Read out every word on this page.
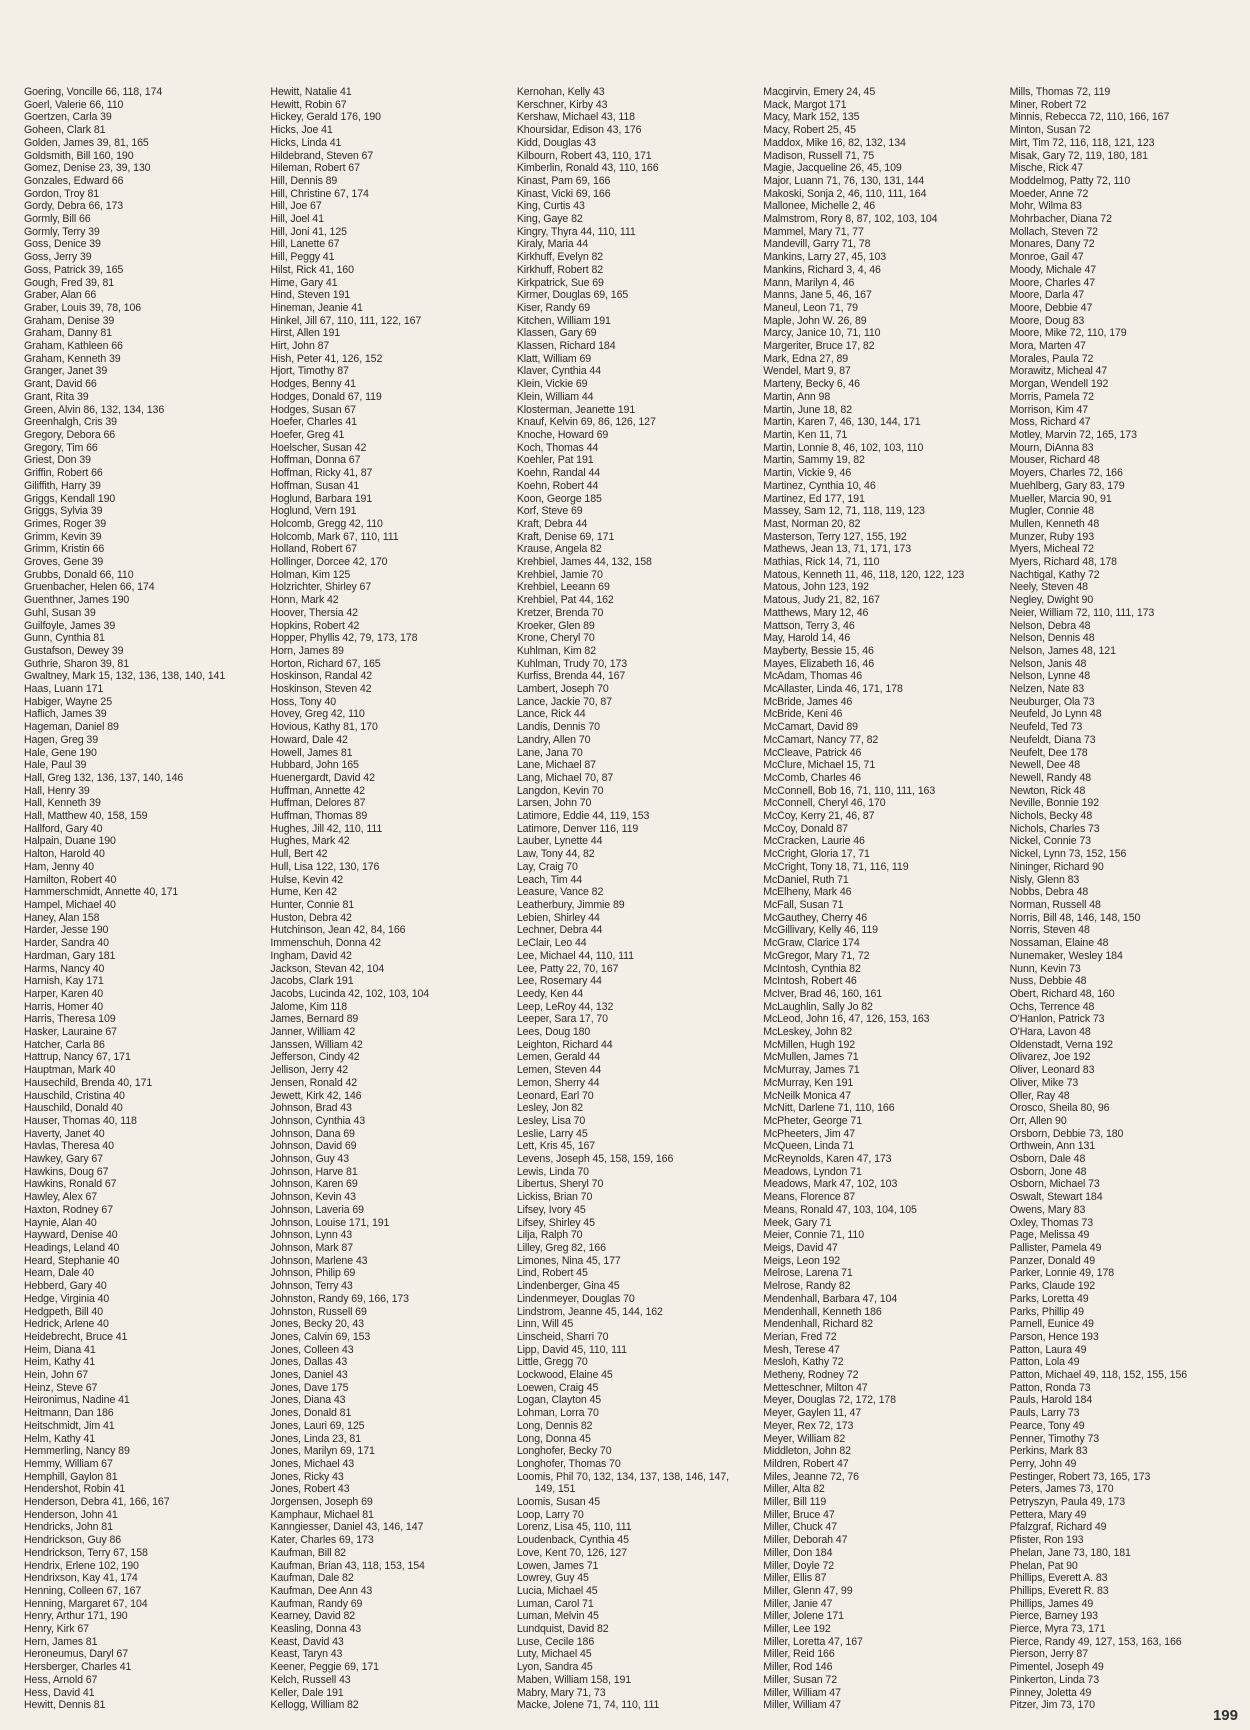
Goering, Voncille 66, 118, 174
Goerl, Valerie 66, 110
Goertzen, Carla 39
Goheen, Clark 81
Golden, James 39, 81, 165
Goldsmith, Bill 160, 190
Gomez, Denise 23, 39, 130
Gonzales, Edward 66
Gordon, Troy 81
Gordy, Debra 66, 173
Gormly, Bill 66
Gormly, Terry 39
Goss, Denice 39
Goss, Jerry 39
Goss, Patrick 39, 165
Gough, Fred 39, 81
Graber, Alan 66
Graber, Louis 39, 78, 106
Graham, Denise 39
Graham, Danny 81
Graham, Kathleen 66
Graham, Kenneth 39
Granger, Janet 39
Grant, David 66
Grant, Rita 39
Green, Alvin 86, 132, 134, 136
Greenhalgh, Cris 39
Gregory, Debora 66
Gregory, Tim 66
Griest, Don 39
Griffin, Robert 66
Giliffith, Harry 39
Griggs, Kendall 190
Griggs, Sylvia 39
Grimes, Roger 39
Grimm, Kevin 39
Grimm, Kristin 66
Groves, Gene 39
Grubbs, Donald 66, 110
Gruenbacher, Helen 66, 174
Guenthner, James 190
Guhl, Susan 39
Guilfoyle, James 39
Gunn, Cynthia 81
Gustafson, Dewey 39
Guthrie, Sharon 39, 81
Gwaltney, Mark 15, 132, 136, 138, 140, 141
Haas, Luann 171
Habiger, Wayne 25
Haflich, James 39
Hageman, Daniel 89
Hagen, Greg 39
Hale, Gene 190
Hale, Paul 39
Hall, Greg 132, 136, 137, 140, 146
Hall, Henry 39
Hall, Kenneth 39
Hall, Matthew 40, 158, 159
Hallford, Gary 40
Halpain, Duane 190
Halton, Harold 40
Ham, Jenny 40
Hamilton, Robert 40
Hammerschmidt, Annette 40, 171
Hampel, Michael 40
Haney, Alan 158
Harder, Jesse 190
Harder, Sandra 40
Hardman, Gary 181
Harms, Nancy 40
Harnish, Kay 171
Harper, Karen 40
Harris, Homer 40
Harris, Theresa 109
Hasker, Lauraine 67
Hatcher, Carla 86
Hattrup, Nancy 67, 171
Hauptman, Mark 40
Hausechild, Brenda 40, 171
Hauschild, Cristina 40
Hauschild, Donald 40
Hauser, Thomas 40, 118
Haverty, Janet 40
Havlas, Theresa 40
Hawkey, Gary 67
Hawkins, Doug 67
Hawkins, Ronald 67
Hawley, Alex 67
Haxton, Rodney 67
Haynie, Alan 40
Hayward, Denise 40
Headings, Leland 40
Heard, Stephanie 40
Hearn, Dale 40
Hebberd, Gary 40
Hedge, Virginia 40
Hedgpeth, Bill 40
Hedrick, Arlene 40
Heidebrecht, Bruce 41
Heim, Diana 41
Heim, Kathy 41
Hein, John 67
Heinz, Steve 67
Heironimus, Nadine 41
Heitmann, Dan 186
Heitschmidt, Jim 41
Helm, Kathy 41
Hemmerling, Nancy 89
Hemmy, William 67
Hemphill, Gaylon 81
Hendershot, Robin 41
Henderson, Debra 41, 166, 167
Henderson, John 41
Hendricks, John 81
Hendrickson, Guy 86
Hendrickson, Terry 67, 158
Hendrix, Erlene 102, 190
Hendrixson, Kay 41, 174
Henning, Colleen 67, 167
Henning, Margaret 67, 104
Henry, Arthur 171, 190
Henry, Kirk 67
Hern, James 81
Heroneumus, Daryl 67
Hersberger, Charles 41
Hess, Arnold 67
Hess, David 41
Hewitt, Dennis 81
Hewitt, Natalie 41
Hewitt, Robin 67
Hickey, Gerald 176, 190
Hicks, Joe 41
Hicks, Linda 41
Hildebrand, Steven 67
Hileman, Robert 67
Hill, Dennis 89
Hill, Christine 67, 174
Hill, Joe 67
Hill, Joel 41
Hill, Joni 41, 125
Hill, Lanette 67
Hill, Peggy 41
Hilst, Rick 41, 160
Hime, Gary 41
Hind, Steven 191
Hineman, Jeanie 41
Hinkel, Jill 67, 110, 111, 122, 167
Hirst, Allen 191
Hirt, John 87
Hish, Peter 41, 126, 152
Hjort, Timothy 87
Hodges, Benny 41
Hodges, Donald 67, 119
Hodges, Susan 67
Hoefer, Charles 41
Hoefer, Greg 41
Hoelscher, Susan 42
Hoffman, Donna 67
Hoffman, Ricky 41, 87
Hoffman, Susan 41
Hoglund, Barbara 191
Hoglund, Vern 191
Holcomb, Gregg 42, 110
Holcomb, Mark 67, 110, 111
Holland, Robert 67
Hollinger, Dorcee 42, 170
Holman, Kim 125
Holzrichter, Shirley 67
Honn, Mark 42
Hoover, Thersia 42
Hopkins, Robert 42
Hopper, Phyllis 42, 79, 173, 178
Horn, James 89
Horton, Richard 67, 165
Hoskinson, Randal 42
Hoskinson, Steven 42
Hoss, Tony 40
Hovey, Greg 42, 110
Hovious, Kathy 81, 170
Howard, Dale 42
Howell, James 81
Hubbard, John 165
Huenergardt, David 42
Huffman, Annette 42
Huffman, Delores 87
Huffman, Thomas 89
Hughes, Jill 42, 110, 111
Hughes, Mark 42
Hull, Bert 42
Hull, Lisa 122, 130, 176
Hulse, Kevin 42
Hume, Ken 42
Hunter, Connie 81
Huston, Debra 42
Hutchinson, Jean 42, 84, 166
Immenschuh, Donna 42
Ingham, David 42
Jackson, Stevan 42, 104
Jacobs, Clark 191
Jacobs, Lucinda 42, 102, 103, 104
Jalome, Kim 118
James, Bernard 89
Janner, William 42
Janssen, William 42
Jefferson, Cindy 42
Jellison, Jerry 42
Jensen, Ronald 42
Jewett, Kirk 42, 146
Johnson, Brad 43
Johnson, Cynthia 43
Johnson, Dana 69
Johnson, David 69
Johnson, Guy 43
Johnson, Harve 81
Johnson, Karen 69
Johnson, Kevin 43
Johnson, Laveria 69
Johnson, Louise 171, 191
Johnson, Lynn 43
Johnson, Mark 87
Johnson, Marlene 43
Johnson, Philip 69
Johnson, Terry 43
Johnston, Randy 69, 166, 173
Johnston, Russell 69
Jones, Becky 20, 43
Jones, Calvin 69, 153
Jones, Colleen 43
Jones, Dallas 43
Jones, Daniel 43
Jones, Dave 175
Jones, Diana 43
Jones, Donald 81
Jones, Lauri 69, 125
Jones, Linda 23, 81
Jones, Marilyn 69, 171
Jones, Michael 43
Jones, Ricky 43
Jones, Robert 43
Jorgensen, Joseph 69
Kamphaur, Michael 81
Kanngiesser, Daniel 43, 146, 147
Kater, Charles 69, 173
Kaufman, Bill 82
Kaufman, Brian 43, 118, 153, 154
Kaufman, Dale 82
Kaufman, Dee Ann 43
Kaufman, Randy 69
Kearney, David 82
Keasling, Donna 43
Keast, David 43
Keast, Taryn 43
Keener, Peggie 69, 171
Kelch, Russell 43
Keller, Dale 191
Kellogg, William 82
Kernohan, Kelly 43
Kerschner, Kirby 43
Kershaw, Michael 43, 118
Khoursidar, Edison 43, 176
Kidd, Douglas 43
Kilbourn, Robert 43, 110, 171
Kimberlin, Ronald 43, 110, 166
Kinast, Pam 69, 166
Kinast, Vicki 69, 166
King, Curtis 43
King, Gaye 82
Kingry, Thyra 44, 110, 111
Kiraly, Maria 44
Kirkhuff, Evelyn 82
Kirkhuff, Robert 82
Kirkpatrick, Sue 69
Kirmer, Douglas 69, 165
Kiser, Randy 69
Kitchen, William 191
Klassen, Gary 69
Klassen, Richard 184
Klatt, William 69
Klaver, Cynthia 44
Klein, Vickie 69
Klein, William 44
Klosterman, Jeanette 191
Knauf, Kelvin 69, 86, 126, 127
Knoche, Howard 69
Koch, Thomas 44
Koehler, Pat 191
Koehn, Randal 44
Koehn, Robert 44
Koon, George 185
Korf, Steve 69
Kraft, Debra 44
Kraft, Denise 69, 171
Krause, Angela 82
Krehbiel, James 44, 132, 158
Krehbiel, Jamie 70
Krehbiel, Leeann 69
Krehbiel, Pat 44, 162
Kretzer, Brenda 70
Kroeker, Glen 89
Krone, Cheryl 70
Kuhlman, Kim 82
Kuhlman, Trudy 70, 173
Kurfiss, Brenda 44, 167
Lambert, Joseph 70
Lance, Jackie 70, 87
Lance, Rick 44
Landis, Dennis 70
Landry, Allen 70
Lane, Jana 70
Lane, Michael 87
Lang, Michael 70, 87
Langdon, Kevin 70
Larsen, John 70
Latimore, Eddie 44, 119, 153
Latimore, Denver 116, 119
Lauber, Lynette 44
Law, Tony 44, 82
Lay, Craig 70
Leach, Tim 44
Leasure, Vance 82
Leatherbury, Jimmie 89
Lebien, Shirley 44
Lechner, Debra 44
LeClair, Leo 44
Lee, Michael 44, 110, 111
Lee, Patty 22, 70, 167
Lee, Rosemary 44
Leedy, Ken 44
Leep, LeRoy 44, 132
Leeper, Sara 17, 70
Lees, Doug 180
Leighton, Richard 44
Lemen, Gerald 44
Lemen, Steven 44
Lemon, Sherry 44
Leonard, Earl 70
Lesley, Jon 82
Lesley, Lisa 70
Leslie, Larry 45
Lett, Kris 45, 167
Levens, Joseph 45, 158, 159, 166
Lewis, Linda 70
Libertus, Sheryl 70
Lickiss, Brian 70
Lifsey, Ivory 45
Lifsey, Shirley 45
Lilja, Ralph 70
Lilley, Greg 82, 166
Limones, Nina 45, 177
Lind, Robert 45
Lindenberger, Gina 45
Lindenmeyer, Douglas 70
Lindstrom, Jeanne 45, 144, 162
Linn, Will 45
Linscheid, Sharri 70
Lipp, David 45, 110, 111
Little, Gregg 70
Lockwood, Elaine 45
Loewen, Craig 45
Logan, Clayton 45
Lohman, Lorra 70
Long, Dennis 82
Long, Donna 45
Longhofer, Becky 70
Longhofer, Thomas 70
Loomis, Phil 70, 132, 134, 137, 138, 146, 147,
149, 151
Loomis, Susan 45
Loop, Larry 70
Lorenz, Lisa 45, 110, 111
Loudenback, Cynthia 45
Love, Kent 70, 126, 127
Lowen, James 71
Lowrey, Guy 45
Lucia, Michael 45
Luman, Carol 71
Luman, Melvin 45
Lundquist, David 82
Luse, Cecile 186
Luty, Michael 45
Lyon, Sandra 45
Maben, William 158, 191
Mabry, Mary 71, 73
Macke, Jolene 71, 74, 110, 111
Macgirvin, Emery 24, 45
Mack, Margot 171
Macy, Mark 152, 135
Macy, Robert 25, 45
Maddox, Mike 16, 82, 132, 134
Madison, Russell 71, 75
Magie, Jacqueline 26, 45, 109
Major, Luann 71, 76, 130, 131, 144
Makoski, Sonja 2, 46, 110, 111, 164
Mallonee, Michelle 2, 46
Malmstrom, Rory 8, 87, 102, 103, 104
Mammel, Mary 71, 77
Mandevill, Garry 71, 78
Mankins, Larry 27, 45, 103
Mankins, Richard 3, 4, 46
Mann, Marilyn 4, 46
Manns, Jane 5, 46, 167
Maneul, Leon 71, 79
Maple, John W. 26, 89
Marcy, Janice 10, 71, 110
Margeriter, Bruce 17, 82
Mark, Edna 27, 89
Wendel, Mart 9, 87
Marteny, Becky 6, 46
Martin, Ann 98
Martin, June 18, 82
Martin, Karen 7, 46, 130, 144, 171
Martin, Ken 11, 71
Martin, Lonnie 8, 46, 102, 103, 110
Martin, Sammy 19, 82
Martin, Vickie 9, 46
Martinez, Cynthia 10, 46
Martinez, Ed 177, 191
Massey, Sam 12, 71, 118, 119, 123
Mast, Norman 20, 82
Masterson, Terry 127, 155, 192
Mathews, Jean 13, 71, 171, 173
Mathias, Rick 14, 71, 110
Matous, Kenneth 11, 46, 118, 120, 122, 123
Matous, John 123, 192
Matous, Judy 21, 82, 167
Matthews, Mary 12, 46
Mattson, Terry 3, 46
May, Harold 14, 46
Mayberty, Bessie 15, 46
Mayes, Elizabeth 16, 46
McAdam, Thomas 46
McAllaster, Linda 46, 171, 178
McBride, James 46
McBride, Keni 46
McCamart, David 89
McCamart, Nancy 77, 82
McCleave, Patrick 46
McClure, Michael 15, 71
McComb, Charles 46
McConnell, Bob 16, 71, 110, 111, 163
McConnell, Cheryl 46, 170
McCoy, Kerry 21, 46, 87
McCoy, Donald 87
McCracken, Laurie 46
McCright, Gloria 17, 71
McCright, Tony 18, 71, 116, 119
McDaniel, Ruth 71
McElheny, Mark 46
McFall, Susan 71
McGauthey, Cherry 46
McGillivary, Kelly 46, 119
McGraw, Clarice 174
McGregor, Mary 71, 72
McIntosh, Cynthia 82
McIntosh, Robert 46
McIver, Brad 46, 160, 161
McLaughlin, Sally Jo 82
McLeod, John 16, 47, 126, 153, 163
McLeskey, John 82
McMillen, Hugh 192
McMullen, James 71
McMurray, James 71
McMurray, Ken 191
McNeilk Monica 47
McNitt, Darlene 71, 110, 166
McPheter, George 71
McPheeters, Jim 47
McQueen, Linda 71
McReynolds, Karen 47, 173
Meadows, Lyndon 71
Meadows, Mark 47, 102, 103
Means, Florence 87
Means, Ronald 47, 103, 104, 105
Meek, Gary 71
Meier, Connie 71, 110
Meigs, David 47
Meigs, Leon 192
Melrose, Larena 71
Melrose, Randy 82
Mendenhall, Barbara 47, 104
Mendenhall, Kenneth 186
Mendenhall, Richard 82
Merian, Fred 72
Mesh, Terese 47
Mesloh, Kathy 72
Metheny, Rodney 72
Metteschner, Milton 47
Meyer, Douglas 72, 172, 178
Meyer, Gaylen 11, 47
Meyer, Rex 72, 173
Meyer, William 82
Middleton, John 82
Mildren, Robert 47
Miles, Jeanne 72, 76
Miller, Alta 82
Miller, Bill 119
Miller, Bruce 47
Miller, Chuck 47
Miller, Deborah 47
Miller, Don 184
Miller, Doyle 72
Miller, Ellis 87
Miller, Glenn 47, 99
Miller, Janie 47
Miller, Jolene 171
Miller, Lee 192
Miller, Loretta 47, 167
Miller, Reid 166
Miller, Rod 146
Miller, Susan 72
Miller, William 47
Miller, William 47
Mills, Thomas 72, 119
Miner, Robert 72
Minnis, Rebecca 72, 110, 166, 167
Minton, Susan 72
Mirt, Tim 72, 116, 118, 121, 123
Misak, Gary 72, 119, 180, 181
Mische, Rick 47
Moddelmog, Patty 72, 110
Moeder, Anne 72
Mohr, Wilma 83
Mohrbacher, Diana 72
Mollach, Steven 72
Monares, Dany 72
Monroe, Gail 47
Moody, Michale 47
Moore, Charles 47
Moore, Darla 47
Moore, Debbie 47
Moore, Doug 83
Moore, Mike 72, 110, 179
Mora, Marten 47
Morales, Paula 72
Morawitz, Micheal 47
Morgan, Wendell 192
Morris, Pamela 72
Morrison, Kim 47
Moss, Richard 47
Motley, Marvin 72, 165, 173
Mourn, DiAnna 83
Mouser, Richard 48
Moyers, Charles 72, 166
Muehlberg, Gary 83, 179
Mueller, Marcia 90, 91
Mugler, Connie 48
Mullen, Kenneth 48
Munzer, Ruby 193
Myers, Micheal 72
Myers, Richard 48, 178
Nachtigal, Kathy 72
Neely, Steven 48
Negley, Dwight 90
Neier, William 72, 110, 111, 173
Nelson, Debra 48
Nelson, Dennis 48
Nelson, James 48, 121
Nelson, Janis 48
Nelson, Lynne 48
Nelzen, Nate 83
Neuburger, Ola 73
Neufeld, Jo Lynn 48
Neufeld, Ted 73
Neufeldt, Diana 73
Neufelt, Dee 178
Newell, Dee 48
Newell, Randy 48
Newton, Rick 48
Neville, Bonnie 192
Nichols, Becky 48
Nichols, Charles 73
Nickel, Connie 73
Nickel, Lynn 73, 152, 156
Nininger, Richard 90
Nisly, Glenn 83
Nobbs, Debra 48
Norman, Russell 48
Norris, Bill 48, 146, 148, 150
Norris, Steven 48
Nossaman, Elaine 48
Nunemaker, Wesley 184
Nunn, Kevin 73
Nuss, Debbie 48
Obert, Richard 48, 160
Ochs, Terrence 48
O'Hanlon, Patrick 73
O'Hara, Lavon 48
Oldenstadt, Verna 192
Olivarez, Joe 192
Oliver, Leonard 83
Oliver, Mike 73
Oller, Ray 48
Orosco, Sheila 80, 96
Orr, Allen 90
Orsborn, Debbie 73, 180
Orthwein, Ann 131
Osborn, Dale 48
Osborn, Jone 48
Osborn, Michael 73
Oswalt, Stewart 184
Owens, Mary 83
Oxley, Thomas 73
Page, Melissa 49
Pallister, Pamela 49
Panzer, Donald 49
Parker, Lonnie 49, 178
Parks, Claude 192
Parks, Loretta 49
Parks, Phillip 49
Parnell, Eunice 49
Parson, Hence 193
Patton, Laura 49
Patton, Lola 49
Patton, Michael 49, 118, 152, 155, 156
Patton, Ronda 73
Pauls, Harold 184
Pauls, Larry 73
Pearce, Tony 49
Penner, Timothy 73
Perkins, Mark 83
Perry, John 49
Pestinger, Robert 73, 165, 173
Peters, James 73, 170
Petryszyn, Paula 49, 173
Pettera, Mary 49
Pfalzgraf, Richard 49
Pfister, Ron 193
Phelan, Jane 73, 180, 181
Phelan, Pat 90
Phillips, Everett A. 83
Phillips, Everett R. 83
Phillips, James 49
Pierce, Barney 193
Pierce, Myra 73, 171
Pierce, Randy 49, 127, 153, 163, 166
Pierson, Jerry 87
Pimentel, Joseph 49
Pinkerton, Linda 73
Pinney, Joletta 49
Pitzer, Jim 73, 170
199
